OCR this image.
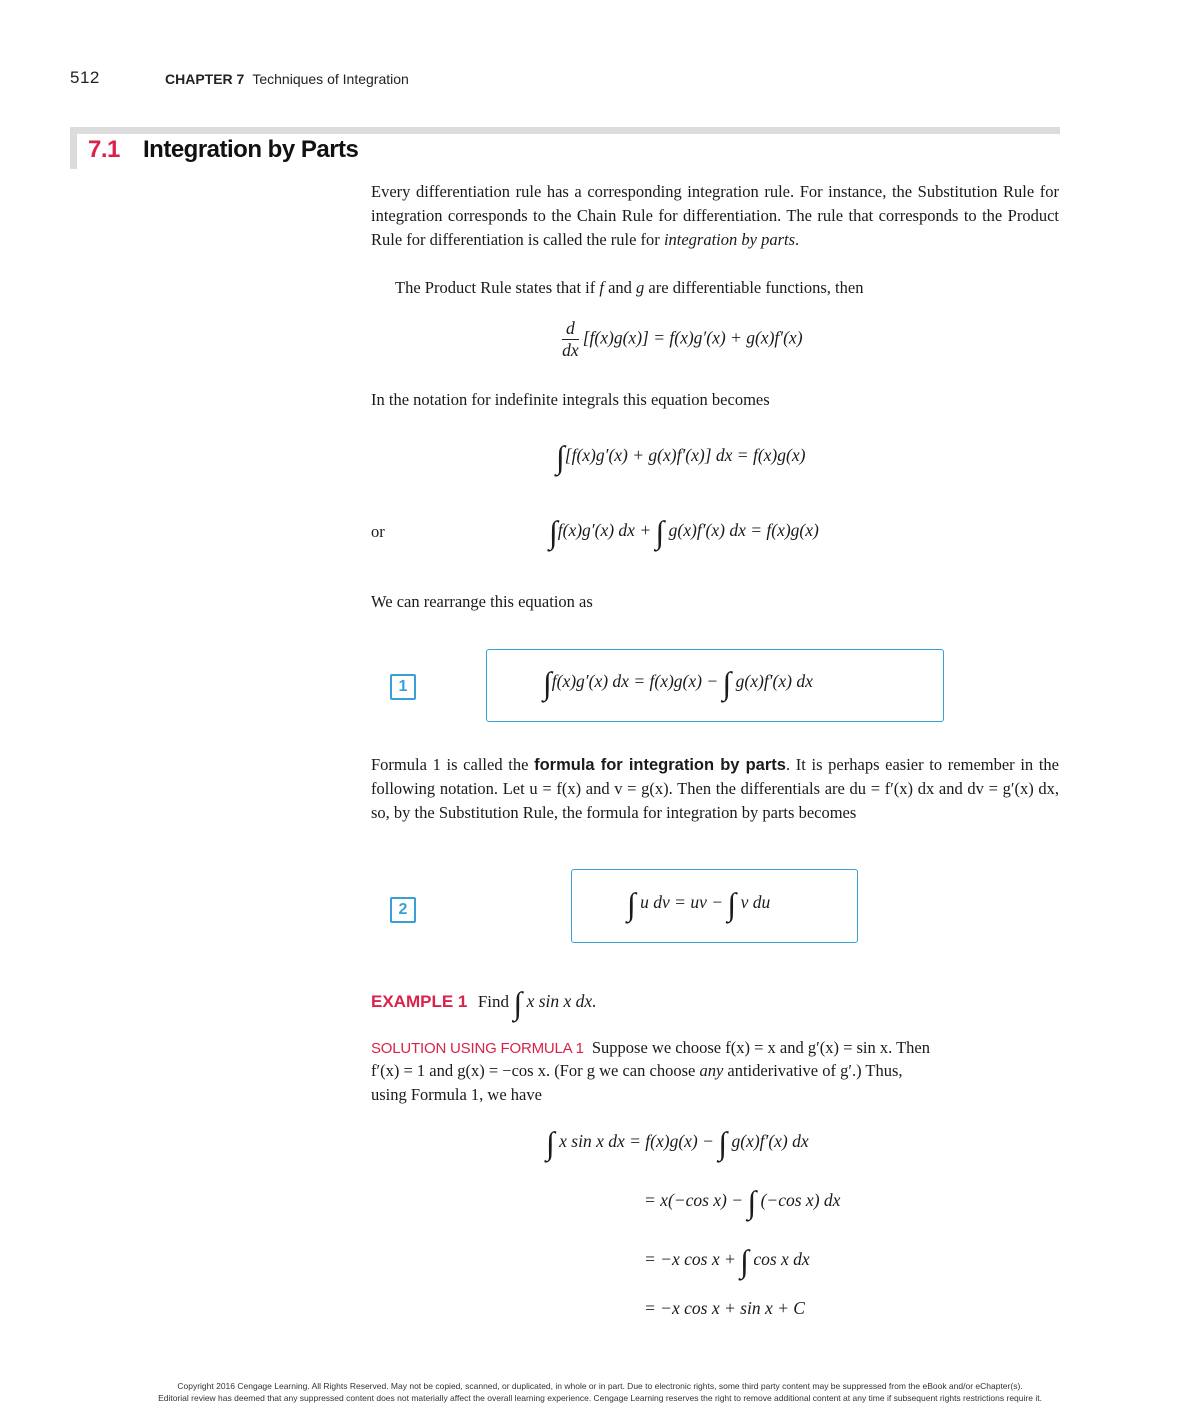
512	CHAPTER 7 Techniques of Integration
7.1 Integration by Parts
Every differentiation rule has a corresponding integration rule. For instance, the Substitution Rule for integration corresponds to the Chain Rule for differentiation. The rule that corresponds to the Product Rule for differentiation is called the rule for integration by parts.
The Product Rule states that if f and g are differentiable functions, then
$\frac{d}{dx} [f(x)g(x)] = f(x)g'(x) + g(x)f'(x)$
In the notation for indefinite integrals this equation becomes
∫[f(x)g′(x) + g(x)f′(x)] dx = f(x)g(x)
or	∫f(x)g′(x) dx + ∫ g(x)f′(x) dx = f(x)g(x)
We can rearrange this equation as
1	∫f(x)g′(x) dx = f(x)g(x) − ∫ g(x)f′(x) dx
Formula 1 is called the formula for integration by parts. It is perhaps easier to remember in the following notation. Let u = f(x) and v = g(x). Then the differentials are du = f′(x) dx and dv = g′(x) dx, so, by the Substitution Rule, the formula for integration by parts becomes
2	∫ u dv = uv − ∫ v du
EXAMPLE 1 Find ∫ x sin x dx.
SOLUTION USING FORMULA 1 Suppose we choose f(x) = x and g′(x) = sin x. Then
f′(x) = 1 and g(x) = −cos x. (For g we can choose any antiderivative of g′.) Thus,
using Formula 1, we have
∫ x sin x dx = f(x)g(x) − ∫ g(x)f′(x) dx
= x(−cos x) − ∫ (−cos x) dx
= −x cos x + ∫ cos x dx
= −x cos x + sin x + C
Copyright 2016 Cengage Learning. All Rights Reserved. May not be copied, scanned, or duplicated, in whole or in part. Due to electronic rights, some third party content may be suppressed from the eBook and/or eChapter(s).
Editorial review has deemed that any suppressed content does not materially affect the overall learning experience. Cengage Learning reserves the right to remove additional content at any time if subsequent rights restrictions require it.
